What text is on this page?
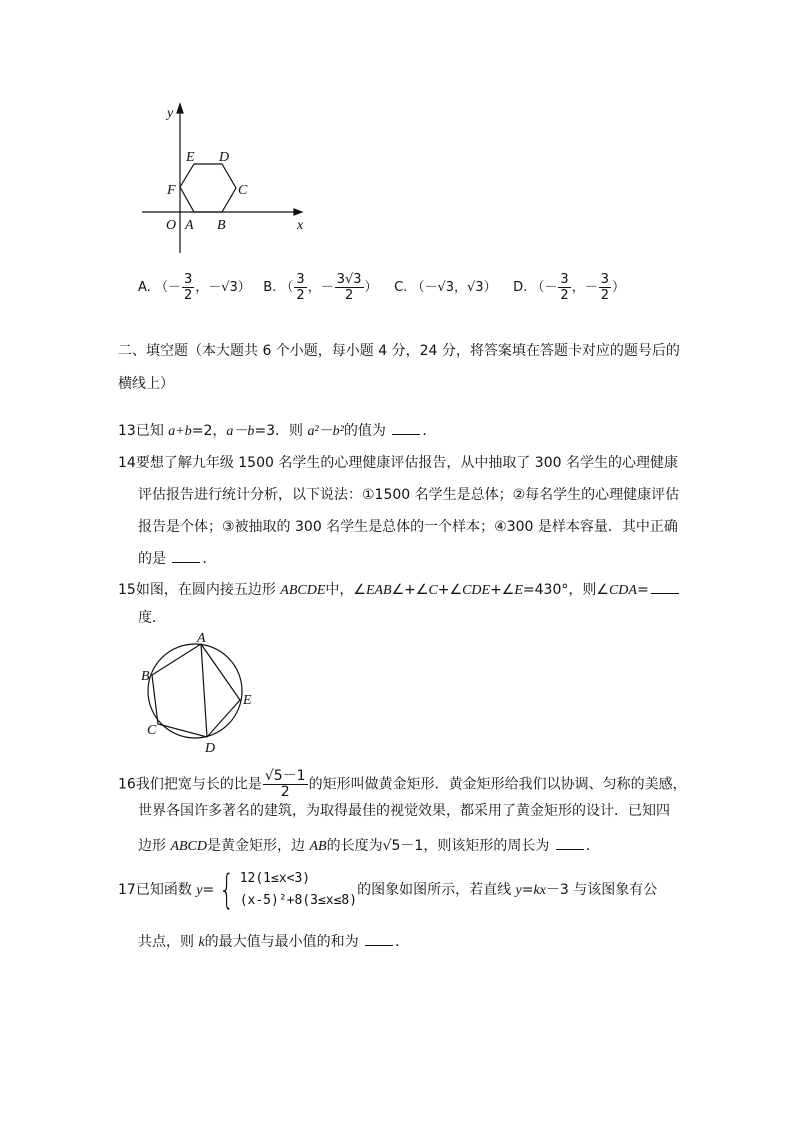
y
x
O A B
C
D
E
F
A. （－ $\frac{3}{2}$ ，－√3） B. （ $\frac{3}{2}$ ，－ $\frac{3√3}{2}$ ） C. （－√3，√3） D. （－ $\frac{3}{2}$ ，－ $\frac{3}{2}$ ）
二、填空题（本大题共 6 个小题，每小题 4 分，24 分，将答案填在答题卡对应的题号后的
横线上）
13已知 a+b=2，a－b=3．则 a²－b²的值为 ．
14要想了解九年级 1500 名学生的心理健康评估报告，从中抽取了 300 名学生的心理健康
评估报告进行统计分析，以下说法：①1500 名学生是总体；②每名学生的心理健康评估
报告是个体；③被抽取的 300 名学生是总体的一个样本；④300 是样本容量．其中正确
的是 ．
15如图，在圆内接五边形 ABCDE中，∠EAB∠+∠C+∠CDE+∠E=430°，则∠CDA=
度．
A
B
C
D
E
16我们把宽与长的比是 $\frac{√5-1}{2}$ 的矩形叫做黄金矩形．黄金矩形给我们以协调、匀称的美感，
世界各国许多著名的建筑，为取得最佳的视觉效果，都采用了黄金矩形的设计．已知四
边形 ABCD是黄金矩形，边 AB的长度为√5－1，则该矩形的周长为 ．
17已知函数 y= { 12(1≤x<3)
(x-5)²+8(3≤x≤8)
的图象如图所示，若直线 y=kx－3 与该图象有公
共点，则 k的最大值与最小值的和为 ．
